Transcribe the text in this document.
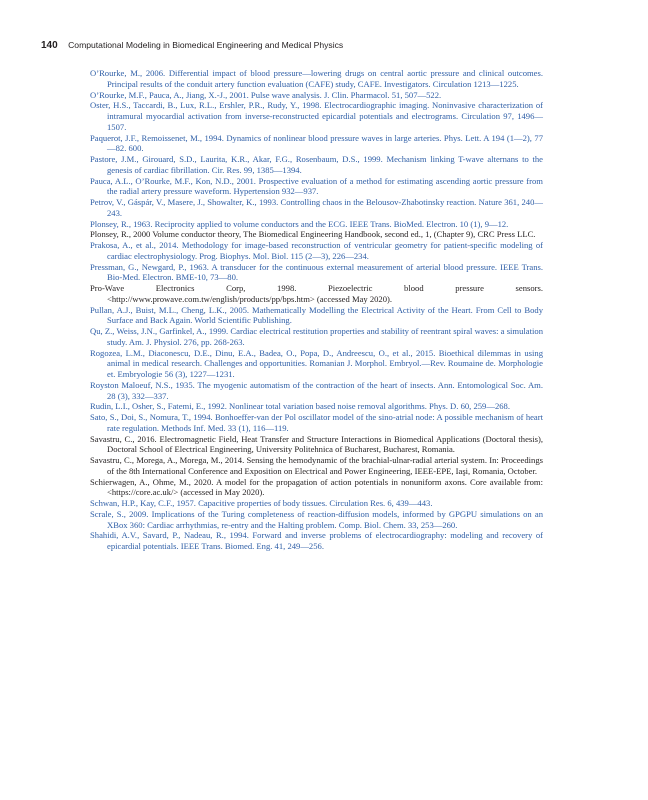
140 Computational Modeling in Biomedical Engineering and Medical Physics
O’Rourke, M., 2006. Differential impact of blood pressure—lowering drugs on central aortic pressure and clinical outcomes. Principal results of the conduit artery function evaluation (CAFE) study, CAFE. Investigators. Circulation 1213—1225.
O’Rourke, M.F., Pauca, A., Jiang, X.-J., 2001. Pulse wave analysis. J. Clin. Pharmacol. 51, 507—522.
Oster, H.S., Taccardi, B., Lux, R.L., Ershler, P.R., Rudy, Y., 1998. Electrocardiographic imaging. Noninvasive characterization of intramural myocardial activation from inverse-reconstructed epicardial potentials and electrograms. Circulation 97, 1496—1507.
Paquerot, J.F., Remoissenet, M., 1994. Dynamics of nonlinear blood pressure waves in large arteries. Phys. Lett. A 194 (1—2), 77—82. 600.
Pastore, J.M., Girouard, S.D., Laurita, K.R., Akar, F.G., Rosenbaum, D.S., 1999. Mechanism linking T-wave alternans to the genesis of cardiac fibrillation. Cir. Res. 99, 1385—1394.
Pauca, A.L., O’Rourke, M.F., Kon, N.D., 2001. Prospective evaluation of a method for estimating ascending aortic pressure from the radial artery pressure waveform. Hypertension 932—937.
Petrov, V., Gáspár, V., Masere, J., Showalter, K., 1993. Controlling chaos in the Belousov-Zhabotinsky reaction. Nature 361, 240—243.
Plonsey, R., 1963. Reciprocity applied to volume conductors and the ECG. IEEE Trans. BioMed. Electron. 10 (1), 9—12.
Plonsey, R., 2000 Volume conductor theory, The Biomedical Engineering Handbook, second ed., 1, (Chapter 9), CRC Press LLC.
Prakosa, A., et al., 2014. Methodology for image-based reconstruction of ventricular geometry for patient-specific modeling of cardiac electrophysiology. Prog. Biophys. Mol. Biol. 115 (2—3), 226—234.
Pressman, G., Newgard, P., 1963. A transducer for the continuous external measurement of arterial blood pressure. IEEE Trans. Bio-Med. Electron. BME-10, 73—80.
Pro-Wave Electronics Corp, 1998. Piezoelectric blood pressure sensors. <http://www.prowave.com.tw/english/products/pp/bps.htm> (accessed May 2020).
Pullan, A.J., Buist, M.L., Cheng, L.K., 2005. Mathematically Modelling the Electrical Activity of the Heart. From Cell to Body Surface and Back Again. World Scientific Publishing.
Qu, Z., Weiss, J.N., Garfinkel, A., 1999. Cardiac electrical restitution properties and stability of reentrant spiral waves: a simulation study. Am. J. Physiol. 276, pp. 268-263.
Rogozea, L.M., Diaconescu, D.E., Dinu, E.A., Badea, O., Popa, D., Andreescu, O., et al., 2015. Bioethical dilemmas in using animal in medical research. Challenges and opportunities. Romanian J. Morphol. Embryol.—Rev. Roumaine de. Morphologie et. Embryologie 56 (3), 1227—1231.
Royston Maloeuf, N.S., 1935. The myogenic automatism of the contraction of the heart of insects. Ann. Entomological Soc. Am. 28 (3), 332—337.
Rudin, L.I., Osher, S., Fatemi, E., 1992. Nonlinear total variation based noise removal algorithms. Phys. D. 60, 259—268.
Sato, S., Doi, S., Nomura, T., 1994. Bonhoeffer-van der Pol oscillator model of the sino-atrial node: A possible mechanism of heart rate regulation. Methods Inf. Med. 33 (1), 116—119.
Savastru, C., 2016. Electromagnetic Field, Heat Transfer and Structure Interactions in Biomedical Applications (Doctoral thesis), Doctoral School of Electrical Engineering, University Politehnica of Bucharest, Bucharest, Romania.
Savastru, C., Morega, A., Morega, M., 2014. Sensing the hemodynamic of the brachial-ulnar-radial arterial system. In: Proceedings of the 8th International Conference and Exposition on Electrical and Power Engineering, IEEE-EPE, Iaşi, Romania, October.
Schierwagen, A., Ohme, M., 2020. A model for the propagation of action potentials in nonuniform axons. Core available from: <https://core.ac.uk/> (accessed in May 2020).
Schwan, H.P., Kay, C.F., 1957. Capacitive properties of body tissues. Circulation Res. 6, 439—443.
Scrale, S., 2009. Implications of the Turing completeness of reaction-diffusion models, informed by GPGPU simulations on an XBox 360: Cardiac arrhythmias, re-entry and the Halting problem. Comp. Biol. Chem. 33, 253—260.
Shahidi, A.V., Savard, P., Nadeau, R., 1994. Forward and inverse problems of electrocardiography: modeling and recovery of epicardial potentials. IEEE Trans. Biomed. Eng. 41, 249—256.
